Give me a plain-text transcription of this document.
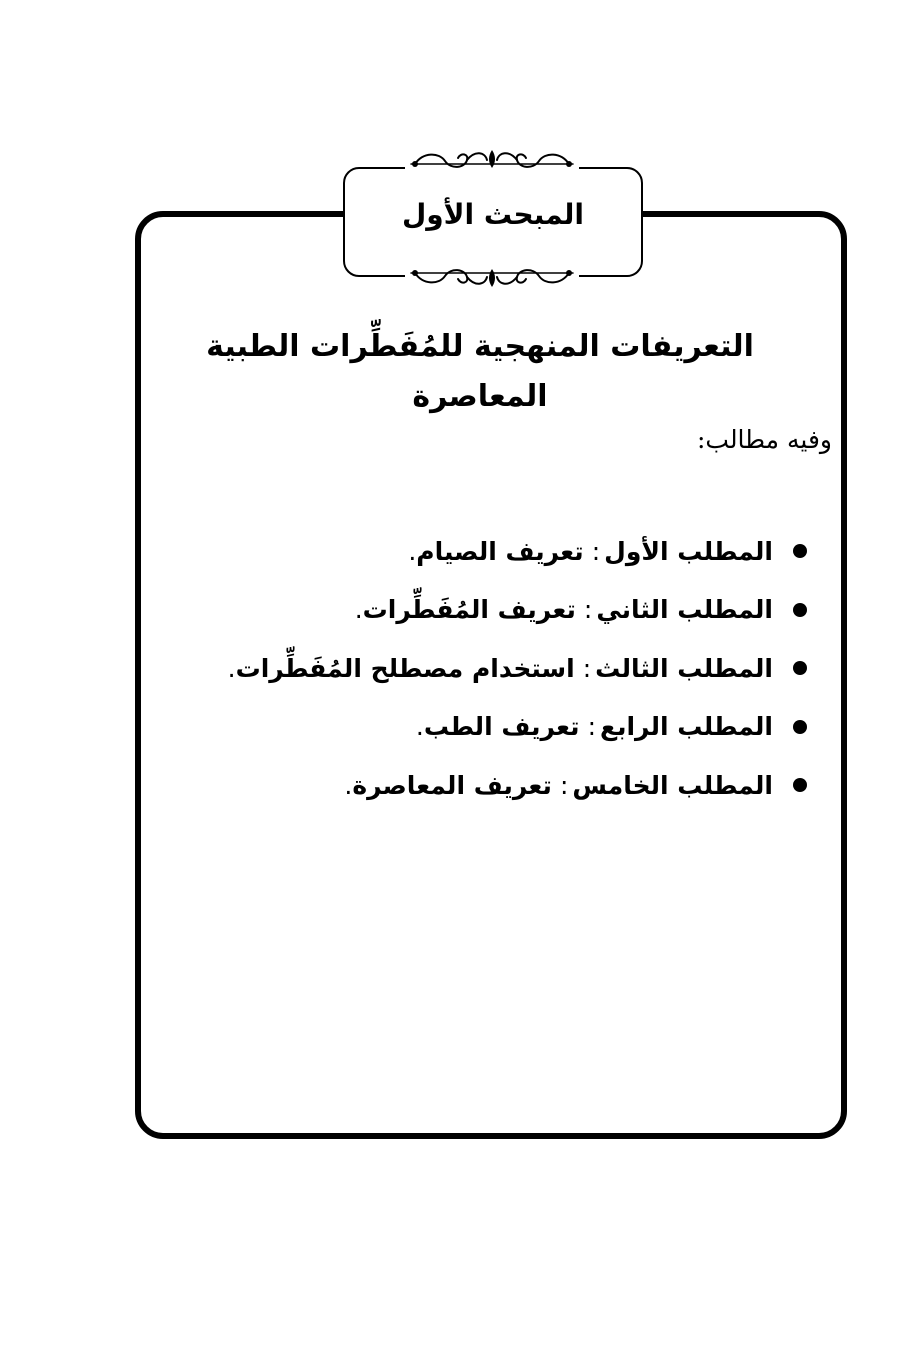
المبحث الأول
التعريفات المنهجية للمُفَطِّرات الطبية المعاصرة

وفيه مطالب:

المطلب الأول
:
تعريف الصيام
.
المطلب الثاني
:
تعريف المُفَطِّرات
.
المطلب الثالث
:
استخدام مصطلح المُفَطِّرات
.
المطلب الرابع
:
تعريف الطب
.
المطلب الخامس
:
تعريف المعاصرة
.
